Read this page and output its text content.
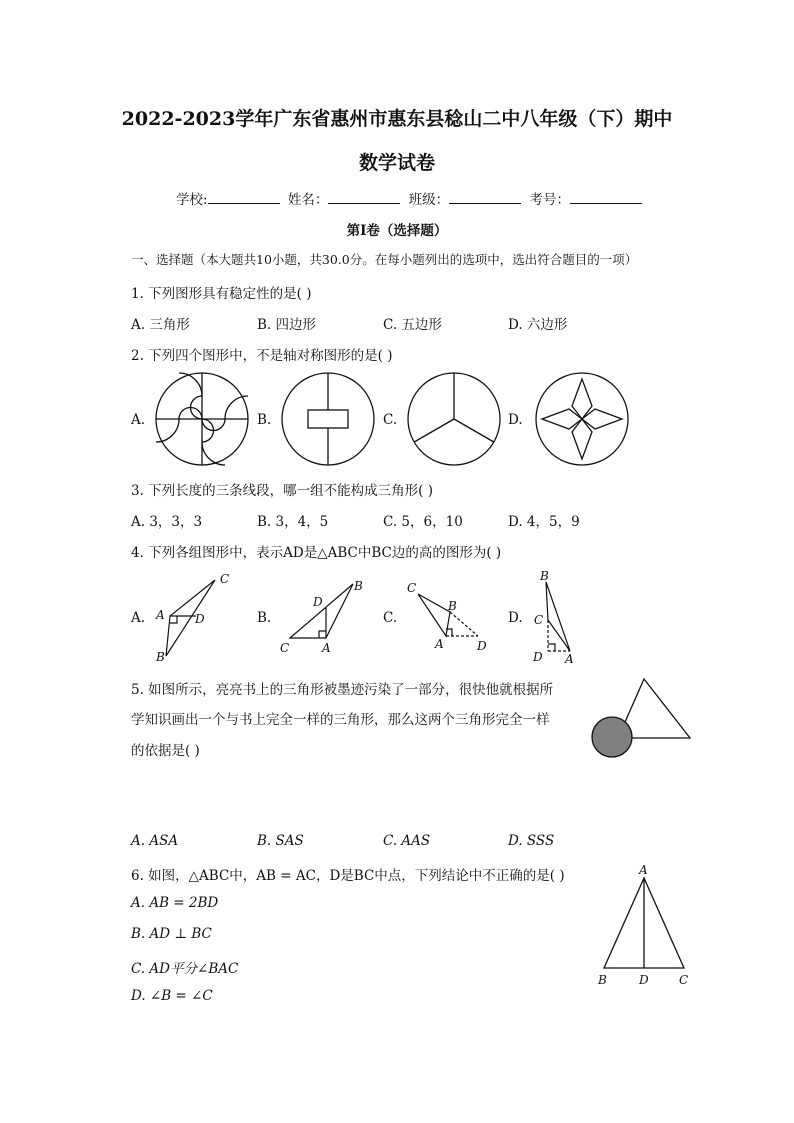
2022-2023学年广东省惠州市惠东县稔山二中八年级（下）期中
数学试卷
学校:	姓名：	班级：	考号：
第I卷（选择题）
一、选择题（本大题共10小题，共30.0分。在每小题列出的选项中，选出符合题目的一项）
1. 下列图形具有稳定性的是( )
A. 三角形	B. 四边形	C. 五边形	D. 六边形
2. 下列四个图形中，不是轴对称图形的是( )
A.	B.	C.	D.
3. 下列长度的三条线段，哪一组不能构成三角形( )
A. 3，3，3	B. 3，4，5	C. 5，6，10	D. 4，5，9
4. 下列各组图形中，表示AD是△ABC中BC边的高的图形为( )
A.	B.	C.	D.
C
A	D
B
B
D
C	A
C
B
A	D
B
C
D A
5. 如图所示，亮亮书上的三角形被墨迹污染了一部分，很快他就根据所
学知识画出一个与书上完全一样的三角形，那么这两个三角形完全一样
的依据是( )
A. ASA	B. SAS	C. AAS	D. SSS
6. 如图，△ABC中，AB = AC，D是BC中点，下列结论中不正确的是( )
A. AB = 2BD
B. AD ⊥ BC
C. AD平分∠BAC
D. ∠B = ∠C
A
B	D	C
